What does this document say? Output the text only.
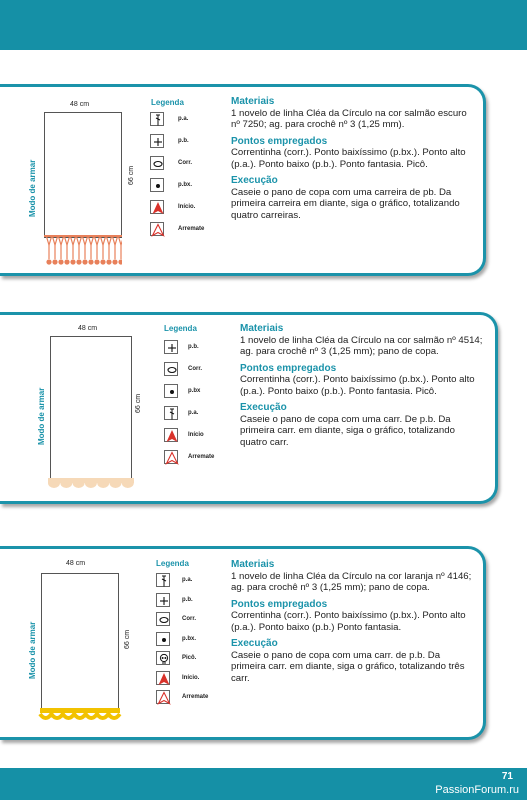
48 cm
Modo de armar	66 cm
Legenda
p.a.
p.b.
Corr.
p.bx.
Início.
Arremate
Materiais

1 novelo de linha Cléa da Círculo na cor salmão escuro nº 7250; ag. para crochê nº 3 (1,25 mm).

Pontos empregados

Correntinha (corr.). Ponto baixíssimo (p.bx.). Ponto alto (p.a.). Ponto baixo (p.b.). Ponto fantasia. Picô.

Execução

Caseie o pano de copa com uma carreira de pb. Da primeira carreira em diante, siga o gráfico, totalizando quatro carreiras.

48 cm
Modo de armar	66 cm
Legenda
p.b.
Corr.
p.bx
p.a.
Início
Arremate
Materiais

1 novelo de linha Cléa da Círculo na cor salmão nº 4514; ag. para crochê nº 3 (1,25 mm); pano de copa.

Pontos empregados

Correntinha (corr.). Ponto baixíssimo (p.bx.). Ponto alto (p.a.). Ponto baixo (p.b.). Ponto fantasia. Picô.

Execução

Caseie o pano de copa com uma carr. De p.b. Da primeira carr. em diante, siga o gráfico, totalizando quatro carr.

48 cm
Modo de armar	66 cm
Legenda
p.a.
p.b.
Corr.
p.bx.
Picô.
Início.
Arremate
Materiais

1 novelo de linha Cléa da Círculo na cor laranja nº 4146; ag. para crochê nº 3 (1,25 mm); pano de copa.

Pontos empregados

Correntinha (corr.). Ponto baixíssimo (p.bx.). Ponto alto (p.a.). Ponto baixo (p.b.) Ponto fantasia.

Execução

Caseie o pano de copa com uma carr. de p.b. Da primeira carr. em diante, siga o gráfico, totalizando três carr.

71
PassionForum.ru
